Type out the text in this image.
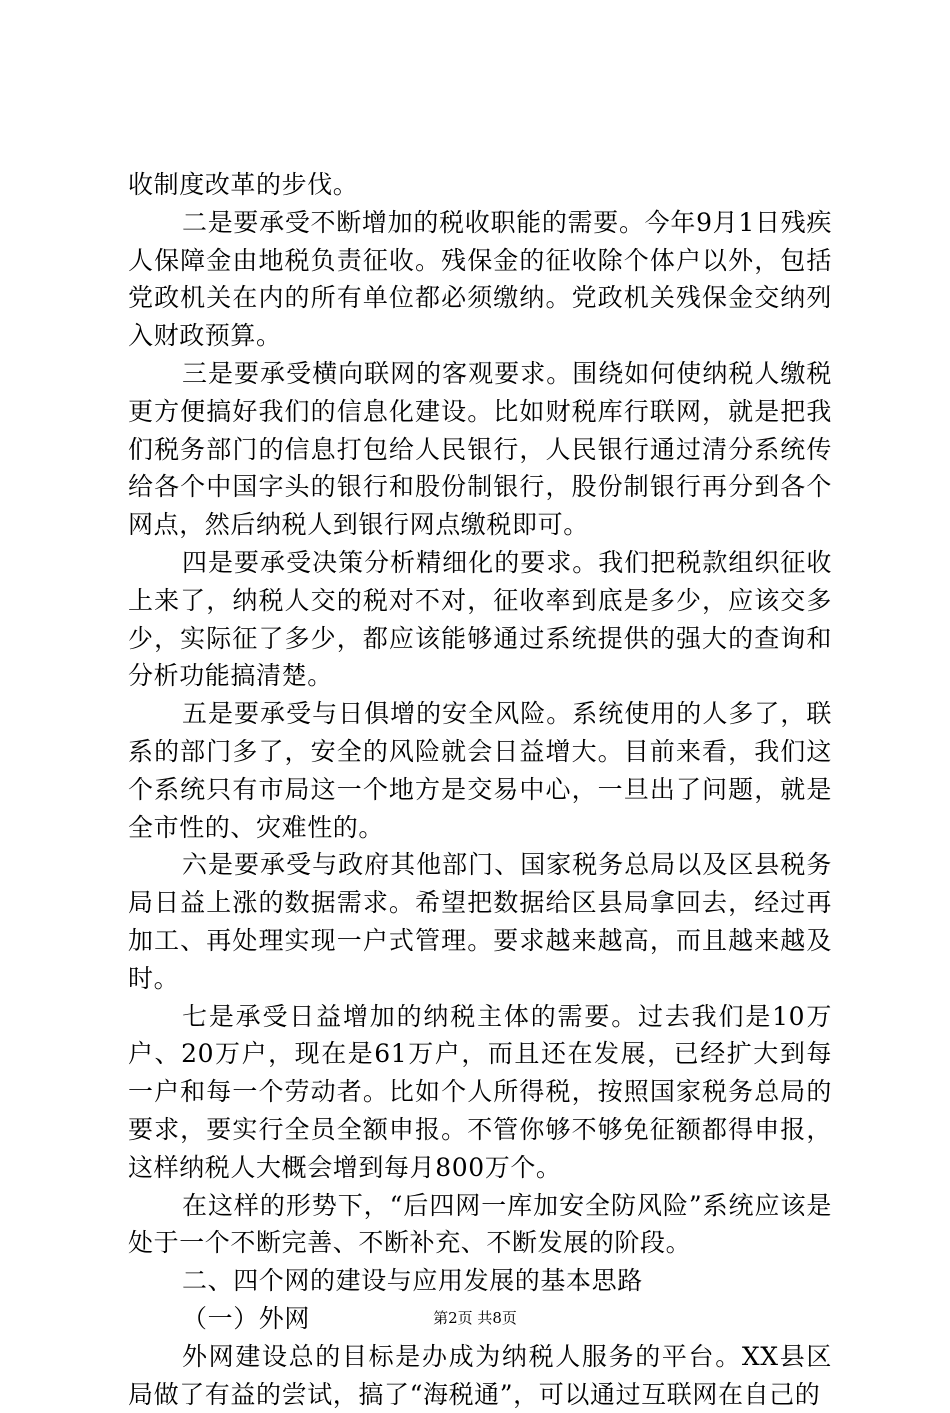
收制度改革的步伐。

二是要承受不断增加的税收职能的需要。今年9月1日残疾人保障金由地税负责征收。残保金的征收除个体户以外，包括党政机关在内的所有单位都必须缴纳。党政机关残保金交纳列入财政预算。

三是要承受横向联网的客观要求。围绕如何使纳税人缴税更方便搞好我们的信息化建设。比如财税库行联网，就是把我们税务部门的信息打包给人民银行，人民银行通过清分系统传给各个中国字头的银行和股份制银行，股份制银行再分到各个网点，然后纳税人到银行网点缴税即可。

四是要承受决策分析精细化的要求。我们把税款组织征收上来了，纳税人交的税对不对，征收率到底是多少，应该交多少，实际征了多少，都应该能够通过系统提供的强大的查询和分析功能搞清楚。

五是要承受与日俱增的安全风险。系统使用的人多了，联系的部门多了，安全的风险就会日益增大。目前来看，我们这个系统只有市局这一个地方是交易中心，一旦出了问题，就是全市性的、灾难性的。

六是要承受与政府其他部门、国家税务总局以及区县税务局日益上涨的数据需求。希望把数据给区县局拿回去，经过再加工、再处理实现一户式管理。要求越来越高，而且越来越及时。

七是承受日益增加的纳税主体的需要。过去我们是10万户、20万户，现在是61万户，而且还在发展，已经扩大到每一户和每一个劳动者。比如个人所得税，按照国家税务总局的要求，要实行全员全额申报。不管你够不够免征额都得申报，这样纳税人大概会增到每月800万个。

在这样的形势下，“后四网一库加安全防风险”系统应该是处于一个不断完善、不断补充、不断发展的阶段。

二、四个网的建设与应用发展的基本思路

（一）外网

外网建设总的目标是办成为纳税人服务的平台。XX县区局做了有益的尝试，搞了“海税通”，可以通过互联网在自己的

第2页 共8页
